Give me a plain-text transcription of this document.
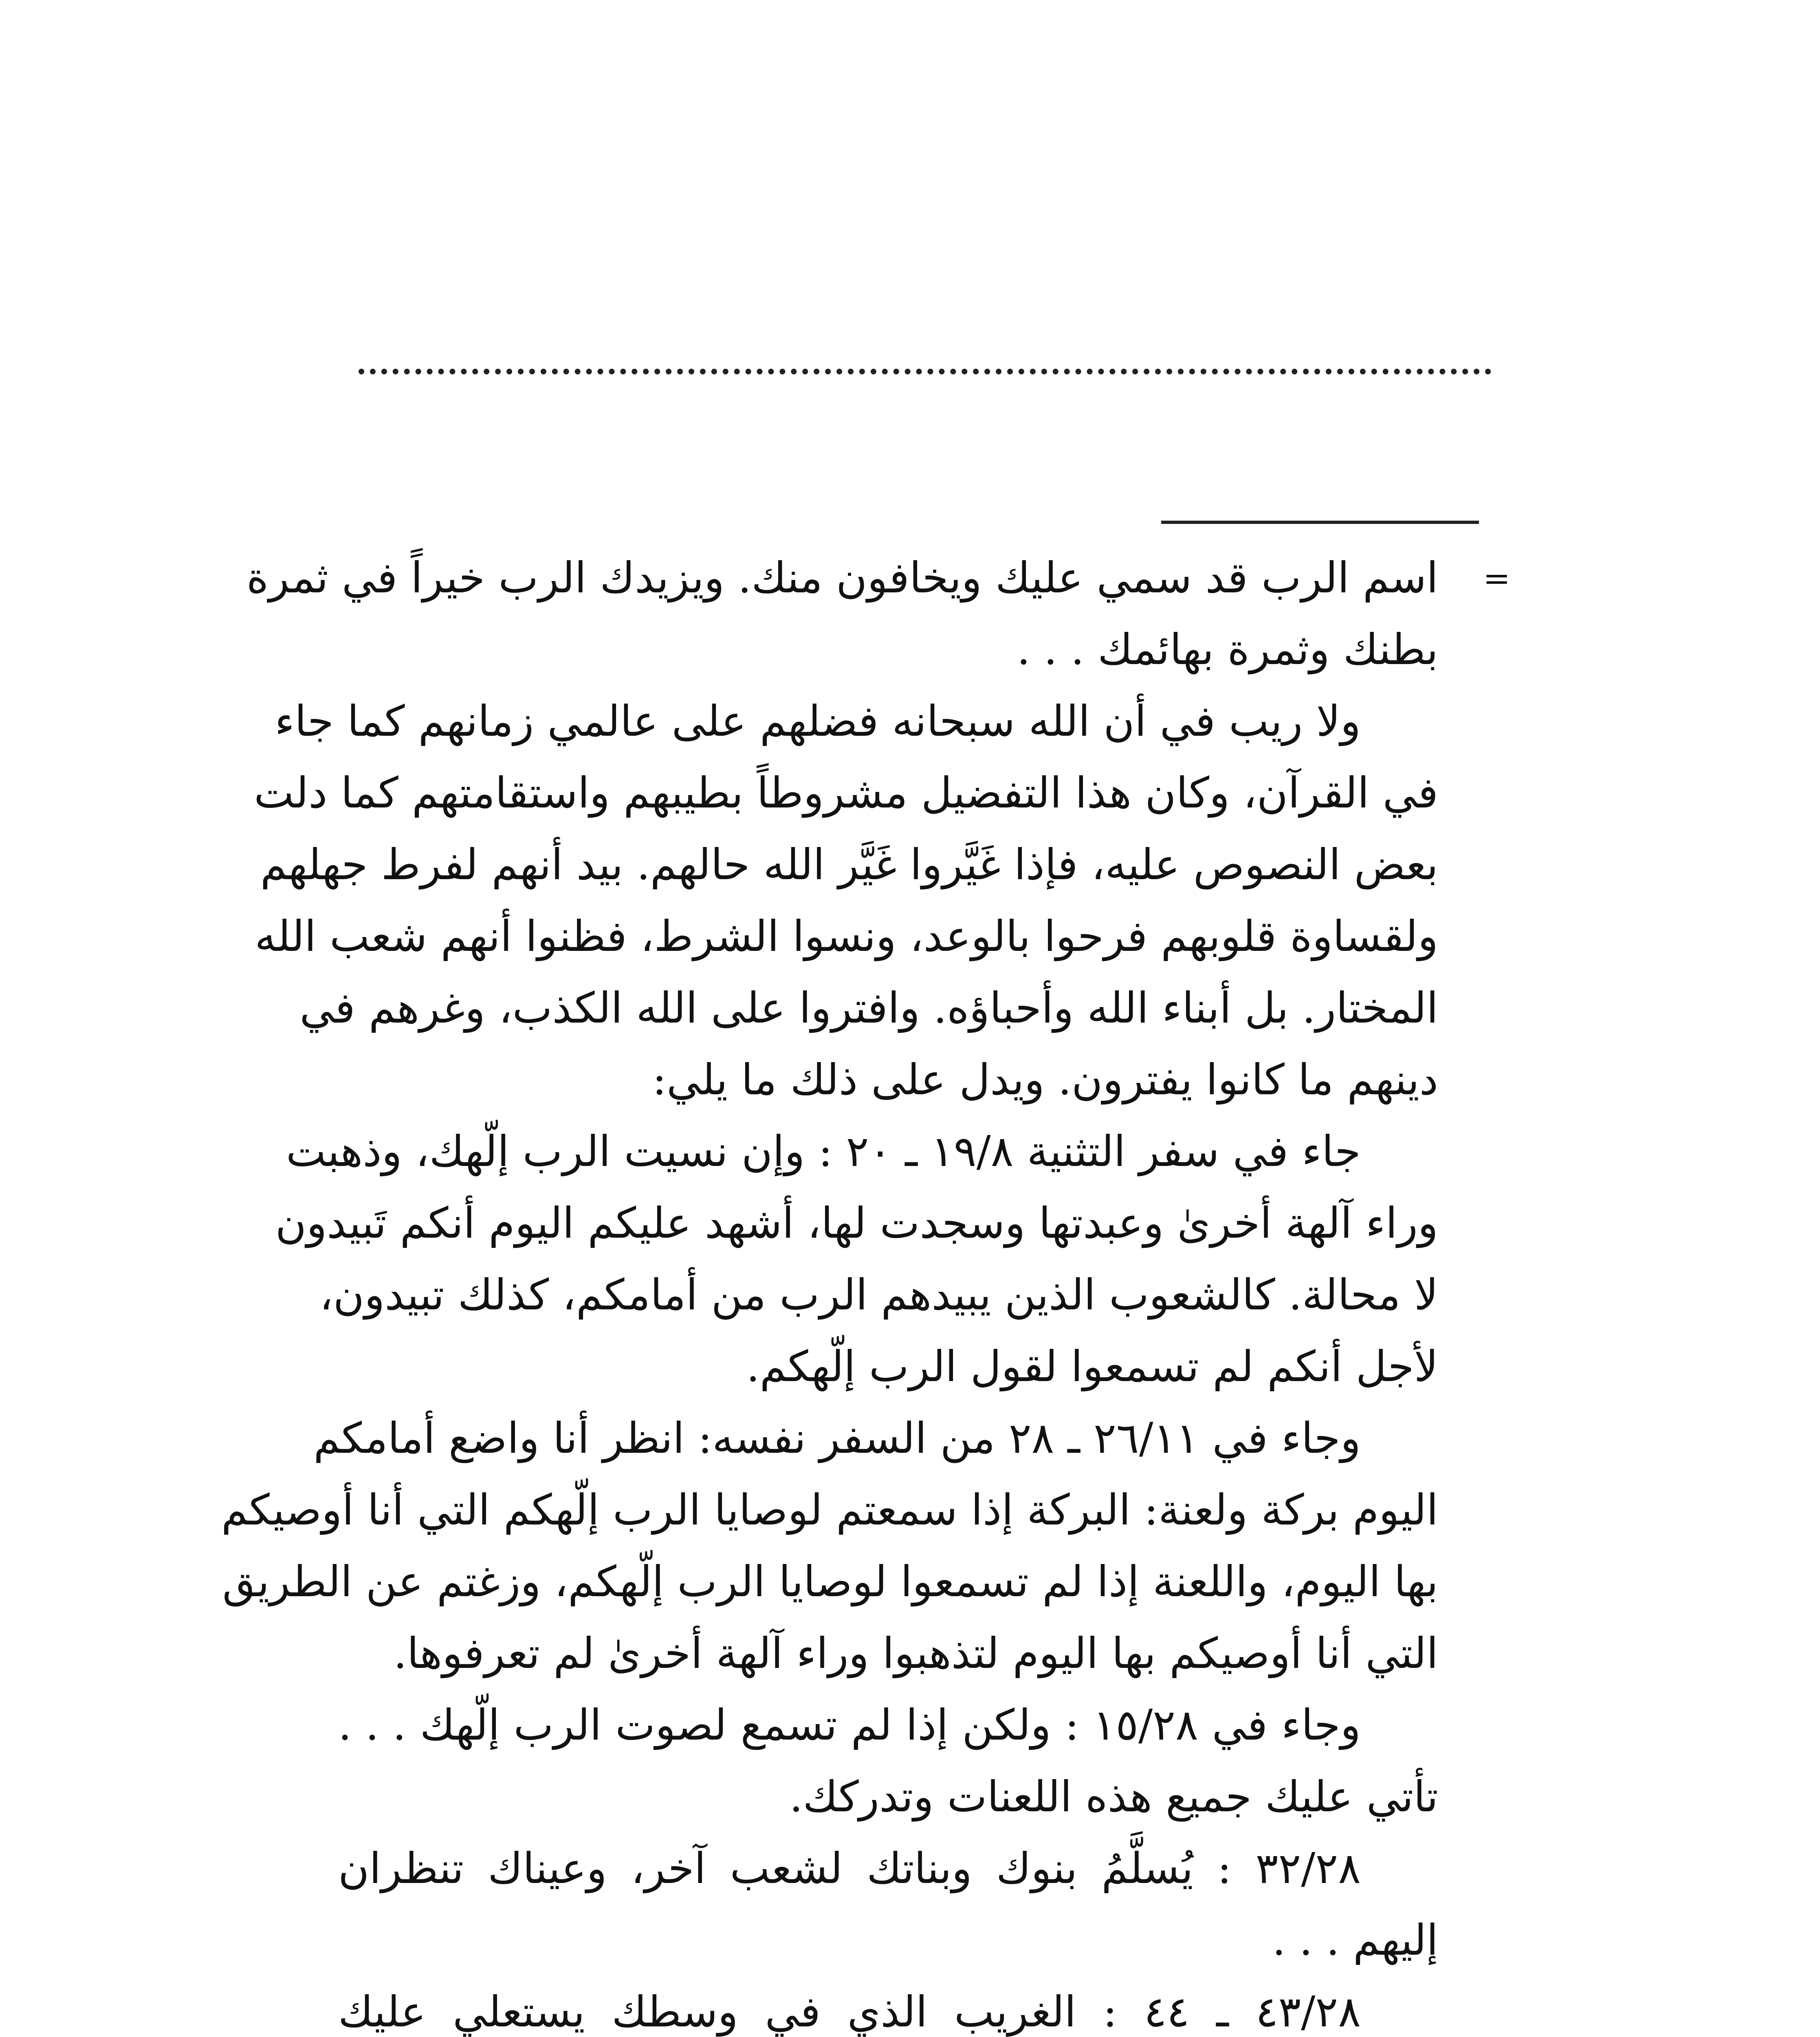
=
اسم الرب قد سمي عليك ويخافون منك. ويزيدك الرب خيراً في ثمرة
بطنك وثمرة بهائمك . . .
ولا ريب في أن الله سبحانه فضلهم على عالمي زمانهم كما جاء
في القرآن، وكان هذا التفضيل مشروطاً بطيبهم واستقامتهم كما دلت
بعض النصوص عليه، فإذا غَيَّروا غَيَّر الله حالهم. بيد أنهم لفرط جهلهم
ولقساوة قلوبهم فرحوا بالوعد، ونسوا الشرط، فظنوا أنهم شعب الله
المختار. بل أبناء الله وأحباؤه. وافتروا على الله الكذب، وغرهم في
دينهم ما كانوا يفترون. ويدل على ذلك ما يلي:
جاء في سفر التثنية ١٩/٨ ـ ٢٠ : وإن نسيت الرب إلّهك، وذهبت
وراء آلهة أخرىٰ وعبدتها وسجدت لها، أشهد عليكم اليوم أنكم تَبيدون
لا محالة. كالشعوب الذين يبيدهم الرب من أمامكم، كذلك تبيدون،
لأجل أنكم لم تسمعوا لقول الرب إلّهكم.
وجاء في ٢٦/١١ ـ ٢٨ من السفر نفسه: انظر أنا واضع أمامكم
اليوم بركة ولعنة: البركة إذا سمعتم لوصايا الرب إلّهكم التي أنا أوصيكم
بها اليوم، واللعنة إذا لم تسمعوا لوصايا الرب إلّهكم، وزغتم عن الطريق
التي أنا أوصيكم بها اليوم لتذهبوا وراء آلهة أخرىٰ لم تعرفوها.
وجاء في ١٥/٢٨ : ولكن إذا لم تسمع لصوت الرب إلّهك . . .
تأتي عليك جميع هذه اللعنات وتدركك.
٣٢/٢٨ : يُسلَّمُ بنوك وبناتك لشعب آخر، وعيناك تنظران
إليهم . . .
٤٣/٢٨ ـ ٤٤ : الغريب الذي في وسطك يستعلي عليك
